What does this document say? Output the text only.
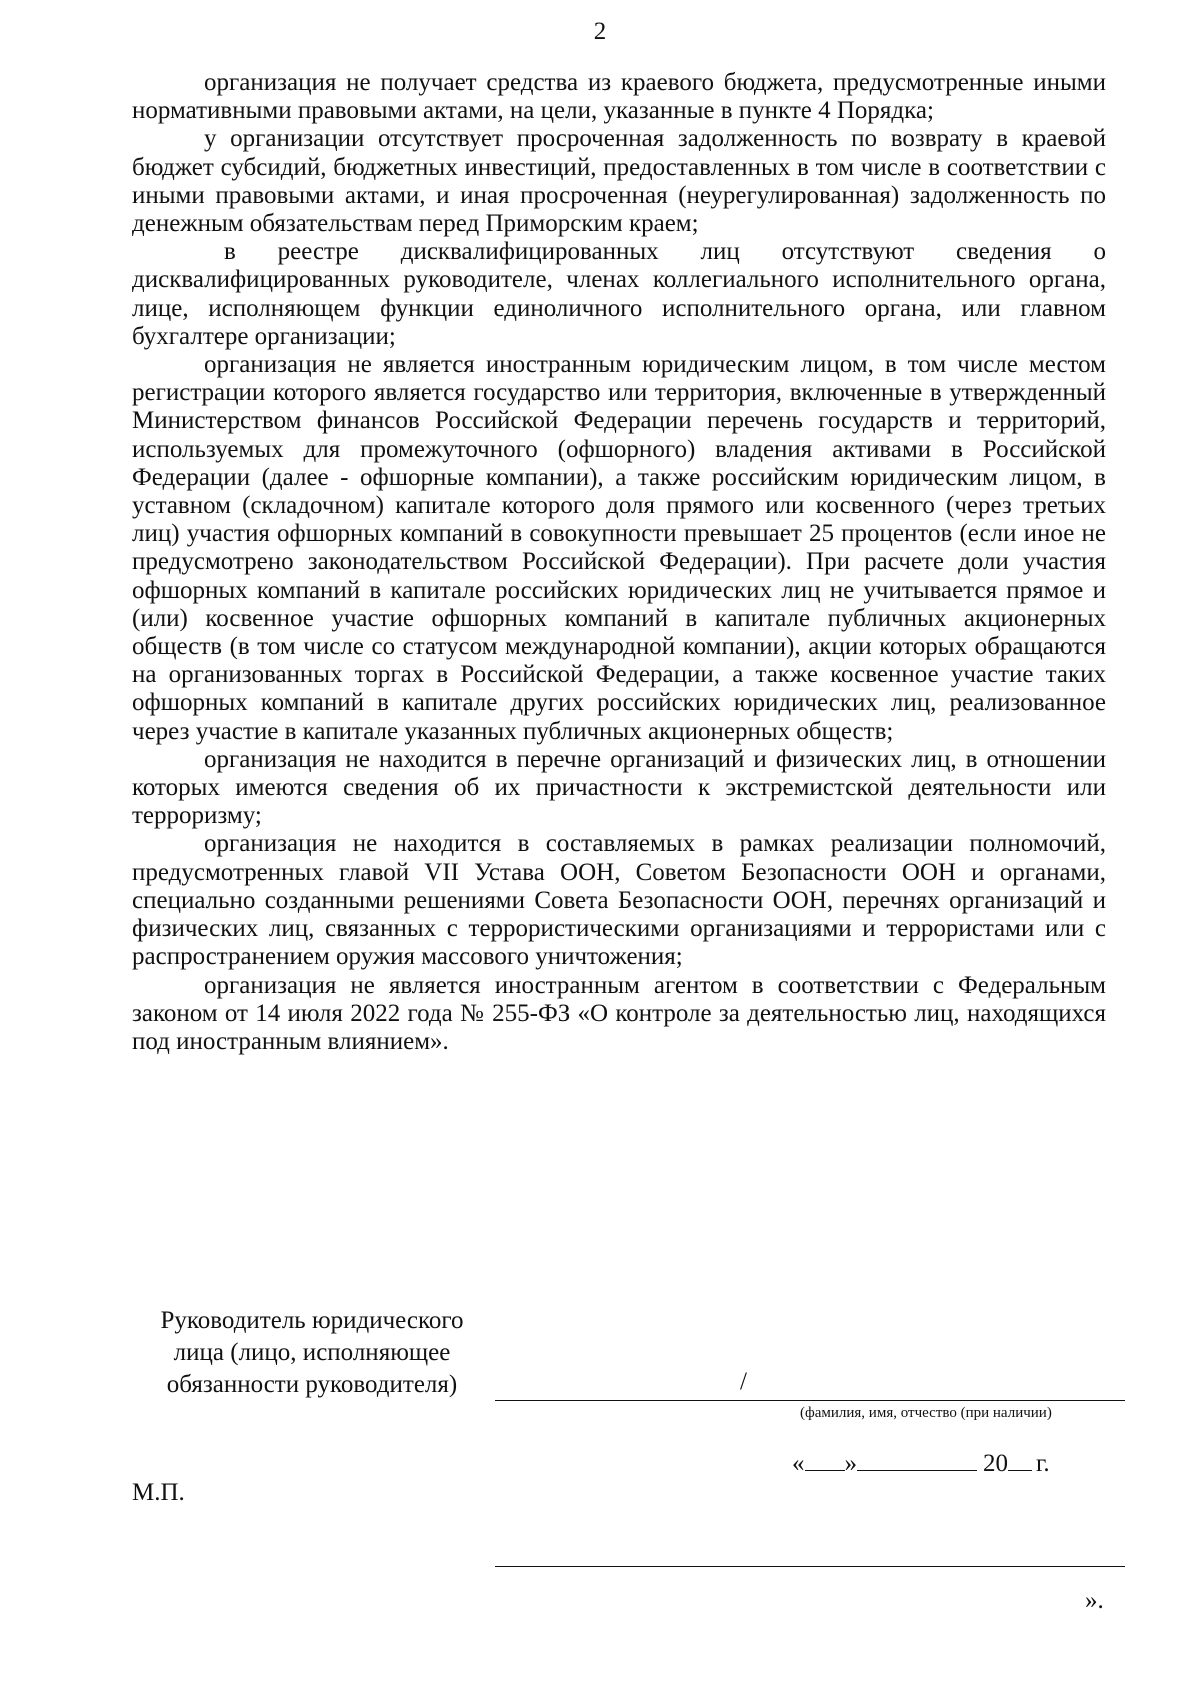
2

организация не получает средства из краевого бюджета, предусмотренные иными нормативными правовыми актами, на цели, указанные в пункте 4 Порядка;

у организации отсутствует просроченная задолженность по возврату в краевой бюджет субсидий, бюджетных инвестиций, предоставленных в том числе в соответствии с иными правовыми актами, и иная просроченная (неурегулированная) задолженность по денежным обязательствам перед Приморским краем;

в реестре дисквалифицированных лиц отсутствуют сведения о дисквалифицированных руководителе, членах коллегиального исполнительного органа, лице, исполняющем функции единоличного исполнительного органа, или главном бухгалтере организации;

организация не является иностранным юридическим лицом, в том числе местом регистрации которого является государство или территория, включенные в утвержденный Министерством финансов Российской Федерации перечень государств и территорий, используемых для промежуточного (офшорного) владения активами в Российской Федерации (далее - офшорные компании), а также российским юридическим лицом, в уставном (складочном) капитале которого доля прямого или косвенного (через третьих лиц) участия офшорных компаний в совокупности превышает 25 процентов (если иное не предусмотрено законодательством Российской Федерации). При расчете доли участия офшорных компаний в капитале российских юридических лиц не учитывается прямое и (или) косвенное участие офшорных компаний в капитале публичных акционерных обществ (в том числе со статусом международной компании), акции которых обращаются на организованных торгах в Российской Федерации, а также косвенное участие таких офшорных компаний в капитале других российских юридических лиц, реализованное через участие в капитале указанных публичных акционерных обществ;

организация не находится в перечне организаций и физических лиц, в отношении которых имеются сведения об их причастности к экстремистской деятельности или терроризму;

организация не находится в составляемых в рамках реализации полномочий, предусмотренных главой VII Устава ООН, Советом Безопасности ООН и органами, специально созданными решениями Совета Безопасности ООН, перечнях организаций и физических лиц, связанных с террористическими организациями и террористами или с распространением оружия массового уничтожения;

организация не является иностранным агентом в соответствии с Федеральным законом от 14 июля 2022 года № 255-ФЗ «О контроле за деятельностью лиц, находящихся под иностранным влиянием».

Руководитель юридического
лица (лицо, исполняющее
обязанности руководителя)	/
(фамилия, имя, отчество (при наличии)
« »	20 г.
М.П.
».
